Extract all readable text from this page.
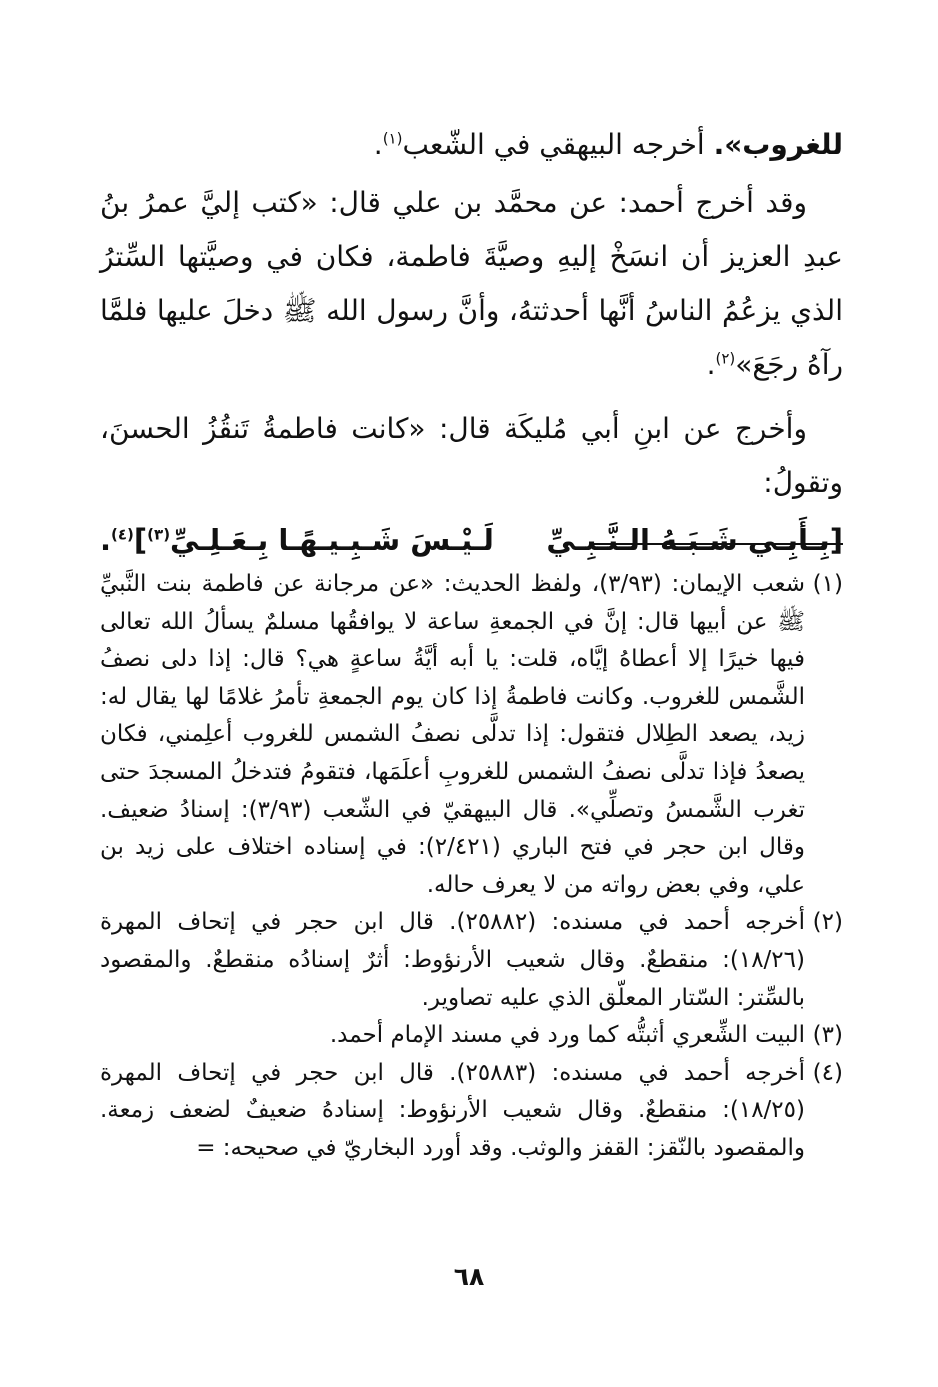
للغروب». أخرجه البيهقي في الشّعب$^{(١)}$.

وقد أخرج أحمد: عن محمَّد بن علي قال: «كتب إليَّ عمرُ بنُ عبدِ العزيز أن انسَخْ إليهِ وصيَّةَ فاطمة، فكان في وصيَّتها السِّترُ الذي يزعُمُ الناسُ أنَّها أحدثتهُ، وأنَّ رسول الله ﷺ دخلَ عليها فلمَّا رآهُ رجَعَ»$^{(٢)}$.

وأخرج عن ابنِ أبي مُليكَة قال: «كانت فاطمةُ تَنقُزُ الحسنَ، وتقولُ:

[بِـأَبِـي شَـبَـهُ الـنَّـبِـيِّ
لَـيْـسَ شَـبِـيـهًـا بِـعَـلِـيِّ$^{(٣)}$]$^{(٤)}$.
(١)
شعب الإيمان: (٣/٩٣)، ولفظ الحديث: «عن مرجانة عن فاطمة بنت النَّبيِّ ﷺ عن أبيها قال: إنَّ في الجمعةِ ساعة لا يوافقُها مسلمٌ يسألُ الله تعالى فيها خيرًا إلا أعطاهُ إيَّاه، قلت: يا أبه أيَّةُ ساعةٍ هي؟ قال: إذا دلى نصفُ الشَّمس للغروب. وكانت فاطمةُ إذا كان يوم الجمعةِ تأمرُ غلامًا لها يقال له: زيد، يصعد الطِلال فتقول: إذا تدلَّى نصفُ الشمس للغروب أعلِمني، فكان يصعدُ فإذا تدلَّى نصفُ الشمس للغروبِ أعلَمَها، فتقومُ فتدخلُ المسجدَ حتى تغرب الشَّمسُ وتصلِّي». قال البيهقيّ في الشّعب (٣/٩٣): إسنادُ ضعيف. وقال ابن حجر في فتح الباري (٢/٤٢١): في إسناده اختلاف على زيد بن علي، وفي بعض رواته من لا يعرف حاله.
(٢)
أخرجه أحمد في مسنده: (٢٥٨٨٢). قال ابن حجر في إتحاف المهرة (١٨/٢٦): منقطعٌ. وقال شعيب الأرنؤوط: أثرٌ إسنادُه منقطعٌ. والمقصود بالسِّتر: السّتار المعلّق الذي عليه تصاوير.
(٣)
البيت الشِّعري أثبتُّه كما ورد في مسند الإمام أحمد.
(٤)
أخرجه أحمد في مسنده: (٢٥٨٨٣). قال ابن حجر في إتحاف المهرة (١٨/٢٥): منقطعٌ. وقال شعيب الأرنؤوط: إسنادهُ ضعيفٌ لضعف زمعة. والمقصود بالنّقز: القفز والوثب. وقد أورد البخاريّ في صحيحه: =
٦٨
